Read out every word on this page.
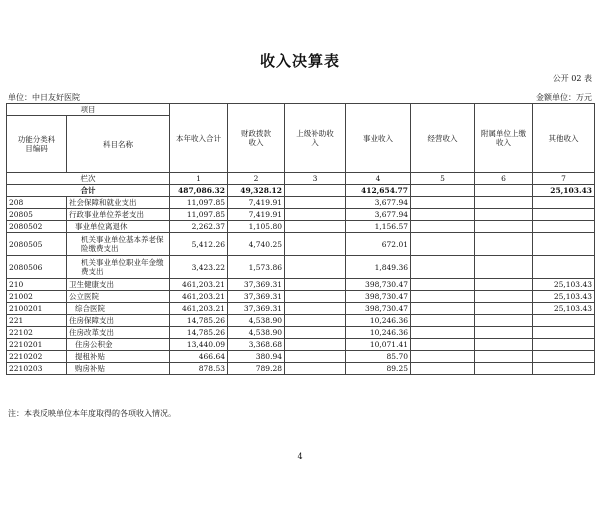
收入决算表
公开 02 表
单位：中日友好医院	金额单位：万元
项目		本年收入合计	财政拨款收入	上级补助收入	事业收入	经营收入	附属单位上缴收入	其他收入
功能分类科目编码	科目名称							

栏次		1	2	3	4	5	6	7
合计		487,086.32	49,328.12		412,654.77			25,103.43
208	社会保障和就业支出	11,097.85	7,419.91		3,677.94			
20805	行政事业单位养老支出	11,097.85	7,419.91		3,677.94			
2080502	事业单位离退休	2,262.37	1,105.80		1,156.57			
2080505	机关事业单位基本养老保险缴费支出	5,412.26	4,740.25		672.01			
2080506	机关事业单位职业年金缴费支出	3,423.22	1,573.86		1,849.36			
210	卫生健康支出	461,203.21	37,369.31		398,730.47			25,103.43
21002	公立医院	461,203.21	37,369.31		398,730.47			25,103.43
2100201	综合医院	461,203.21	37,369.31		398,730.47			25,103.43
221	住房保障支出	14,785.26	4,538.90		10,246.36			
22102	住房改革支出	14,785.26	4,538.90		10,246.36			
2210201	住房公积金	13,440.09	3,368.68		10,071.41			
2210202	提租补贴	466.64	380.94		85.70			
2210203	购房补贴	878.53	789.28		89.25			
注：本表反映单位本年度取得的各项收入情况。
4
